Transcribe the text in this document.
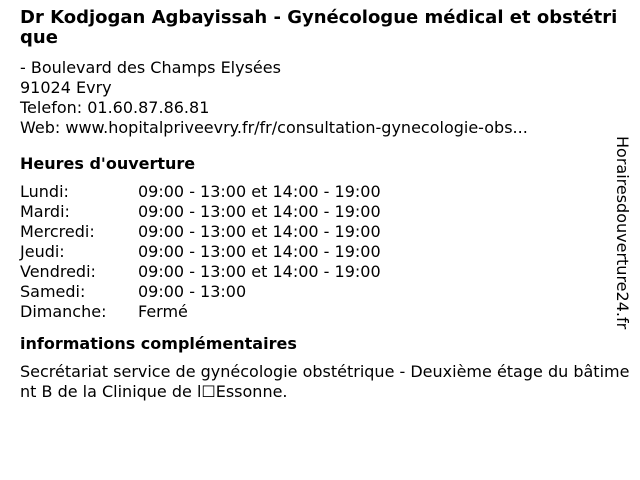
Dr Kodjogan Agbayissah - Gynécologue médical et obstétrique
- Boulevard des Champs Elysées
91024 Evry
Telefon: 01.60.87.86.81
Web: www.hopitalpriveevry.fr/fr/consultation-gynecologie-obs...
Heures d'ouverture
Lundi:	09:00 - 13:00 et 14:00 - 19:00
Mardi:	09:00 - 13:00 et 14:00 - 19:00
Mercredi:	09:00 - 13:00 et 14:00 - 19:00
Jeudi:	09:00 - 13:00 et 14:00 - 19:00
Vendredi:	09:00 - 13:00 et 14:00 - 19:00
Samedi:	09:00 - 13:00
Dimanche:	Fermé
informations complémentaires
Secrétariat service de gynécologie obstétrique - Deuxième étage du bâtiment B de la Clinique de l☐Essonne.
Horairesdouverture24.fr
